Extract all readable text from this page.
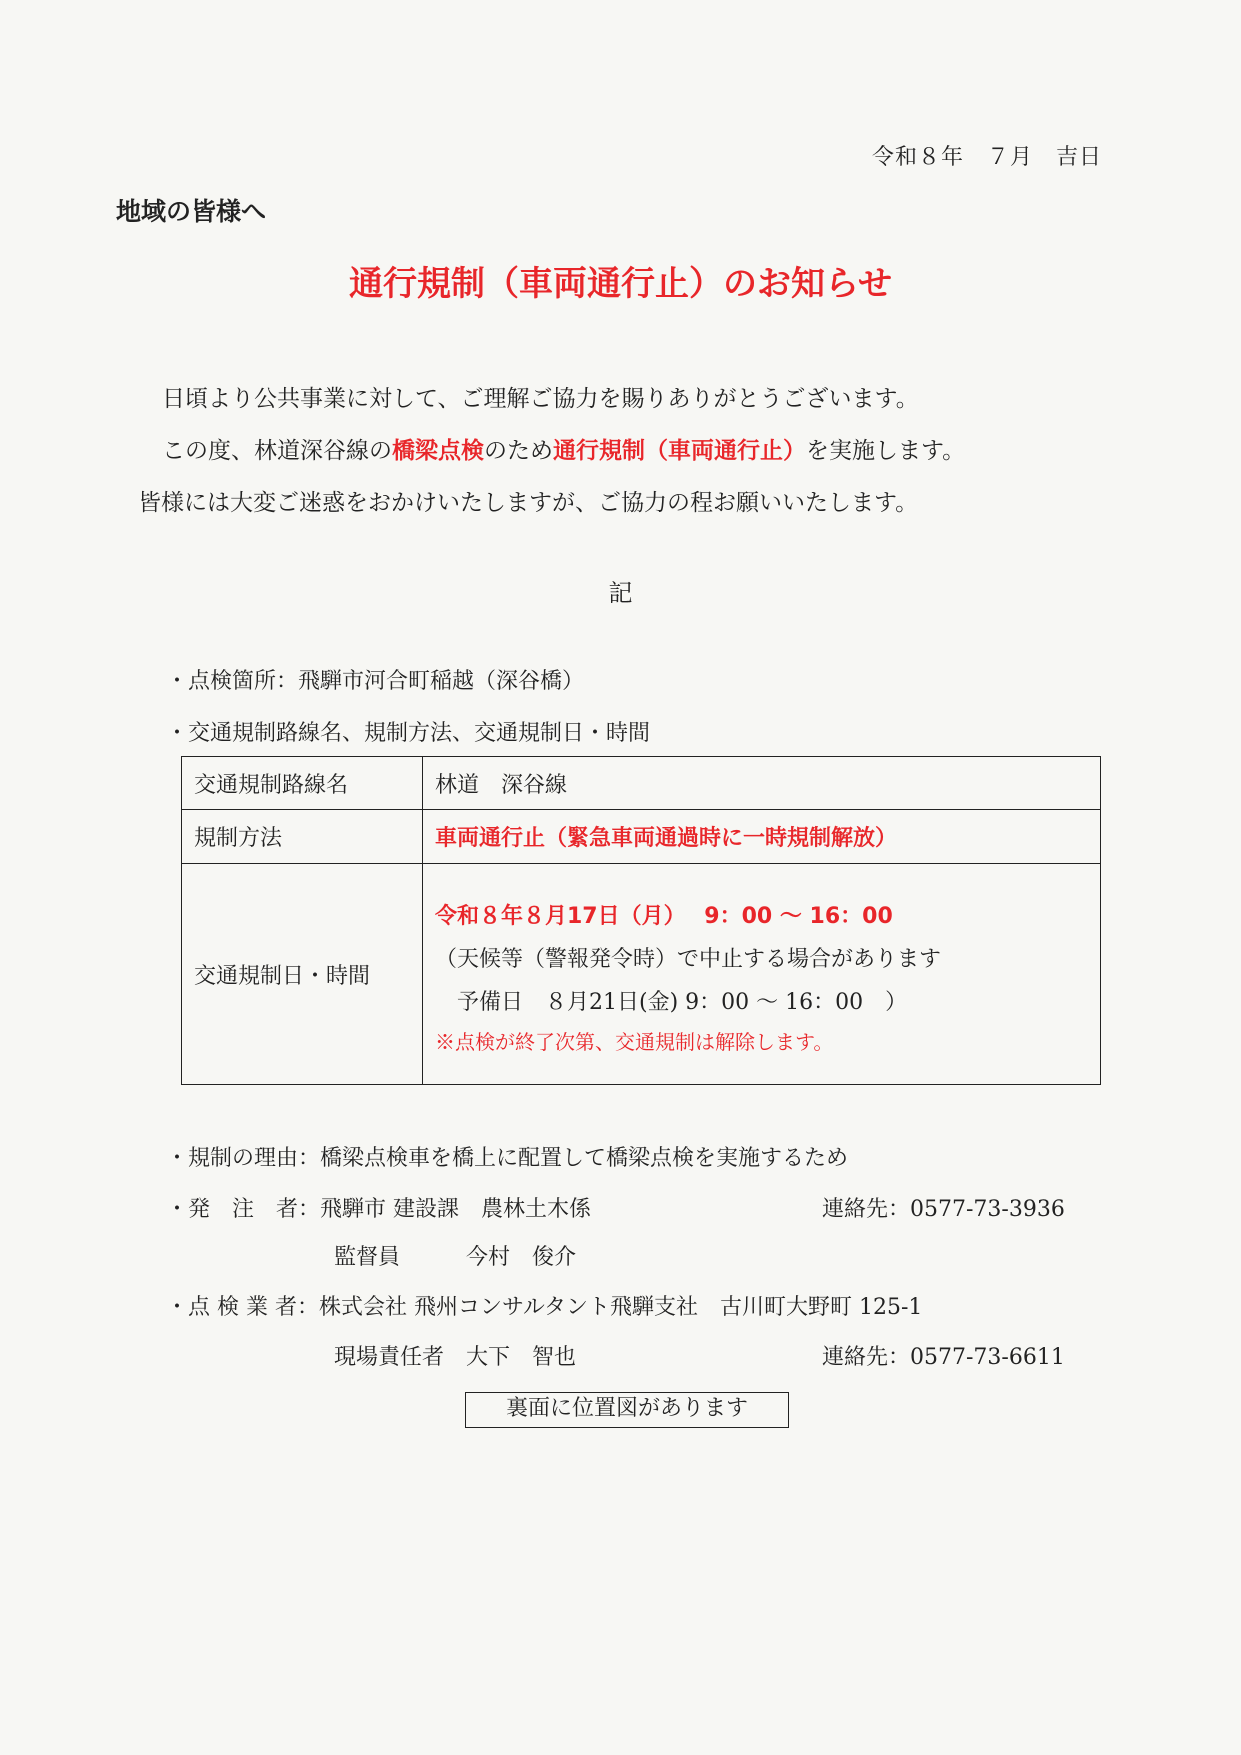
令和８年　７月　吉日
地域の皆様へ
通行規制（車両通行止）のお知らせ
日頃より公共事業に対して、ご理解ご協力を賜りありがとうございます。
この度、林道深谷線の橋梁点検のため通行規制（車両通行止）を実施します。
皆様には大変ご迷惑をおかけいたしますが、ご協力の程お願いいたします。
記
・点検箇所：飛騨市河合町稲越（深谷橋）
・交通規制路線名、規制方法、交通規制日・時間
交通規制路線名	林道　深谷線
規制方法	車両通行止（緊急車両通過時に一時規制解放）
交通規制日・時間	令和８年８月17日（月）　 9：00 ～ 16：00
（天候等（警報発令時）で中止する場合があります
予備日　８月21日(金) 9：00 ～ 16：00　）
※点検が終了次第、交通規制は解除します。
・規制の理由：橋梁点検車を橋上に配置して橋梁点検を実施するため
・発　注　者：飛騨市 建設課　農林土木係	連絡先：0577-73-3936
監督員　　　今村　俊介
・点 検 業 者：株式会社 飛州コンサルタント飛騨支社　古川町大野町 125-1
現場責任者　大下　智也	連絡先：0577-73-6611
裏面に位置図があります
